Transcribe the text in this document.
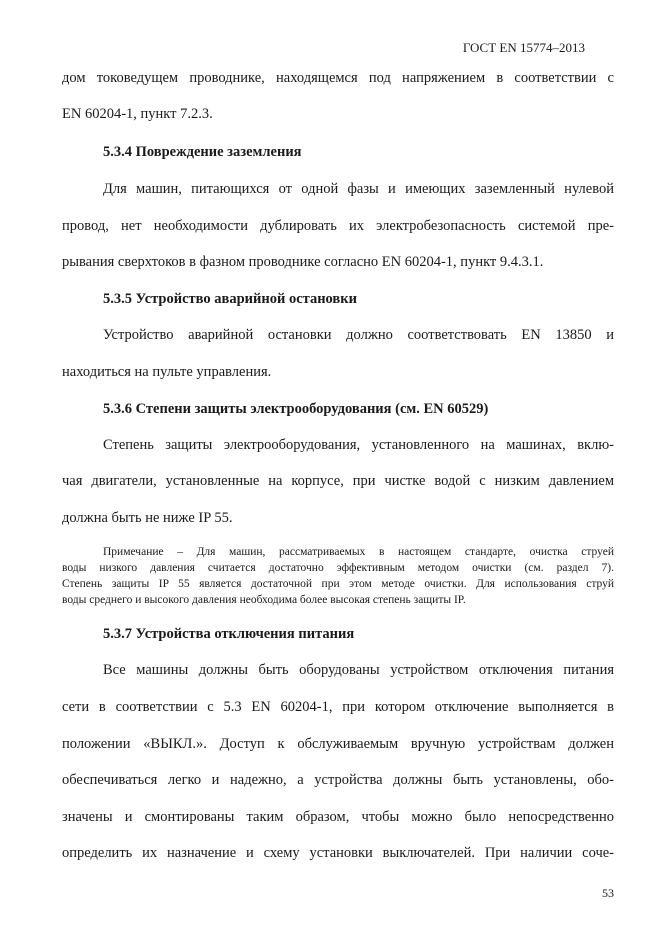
ГОСТ EN 15774–2013
дом токоведущем проводнике, находящемся под напряжением в соответствии с
EN 60204-1, пункт 7.2.3.
5.3.4 Повреждение заземления
Для машин, питающихся от одной фазы и имеющих заземленный нулевой
провод, нет необходимости дублировать их электробезопасность системой пре-
рывания сверхтоков в фазном проводнике согласно EN 60204-1, пункт 9.4.3.1.
5.3.5 Устройство аварийной остановки
Устройство аварийной остановки должно соответствовать EN 13850 и
находиться на пульте управления.
5.3.6 Степени защиты электрооборудования (см. EN 60529)
Степень защиты электрооборудования, установленного на машинах, вклю-
чая двигатели, установленные на корпусе, при чистке водой с низким давлением
должна быть не ниже IP 55.
Примечание – Для машин, рассматриваемых в настоящем стандарте, очистка струей
воды низкого давления считается достаточно эффективным методом очистки (см. раздел 7).
Степень защиты IP 55 является достаточной при этом методе очистки. Для использования струй
воды среднего и высокого давления необходима более высокая степень защиты IP.
5.3.7 Устройства отключения питания
Все машины должны быть оборудованы устройством отключения питания
сети в соответствии с 5.3 EN 60204-1, при котором отключение выполняется в
положении «ВЫКЛ.». Доступ к обслуживаемым вручную устройствам должен
обеспечиваться легко и надежно, а устройства должны быть установлены, обо-
значены и смонтированы таким образом, чтобы можно было непосредственно
определить их назначение и схему установки выключателей. При наличии соче-
53
